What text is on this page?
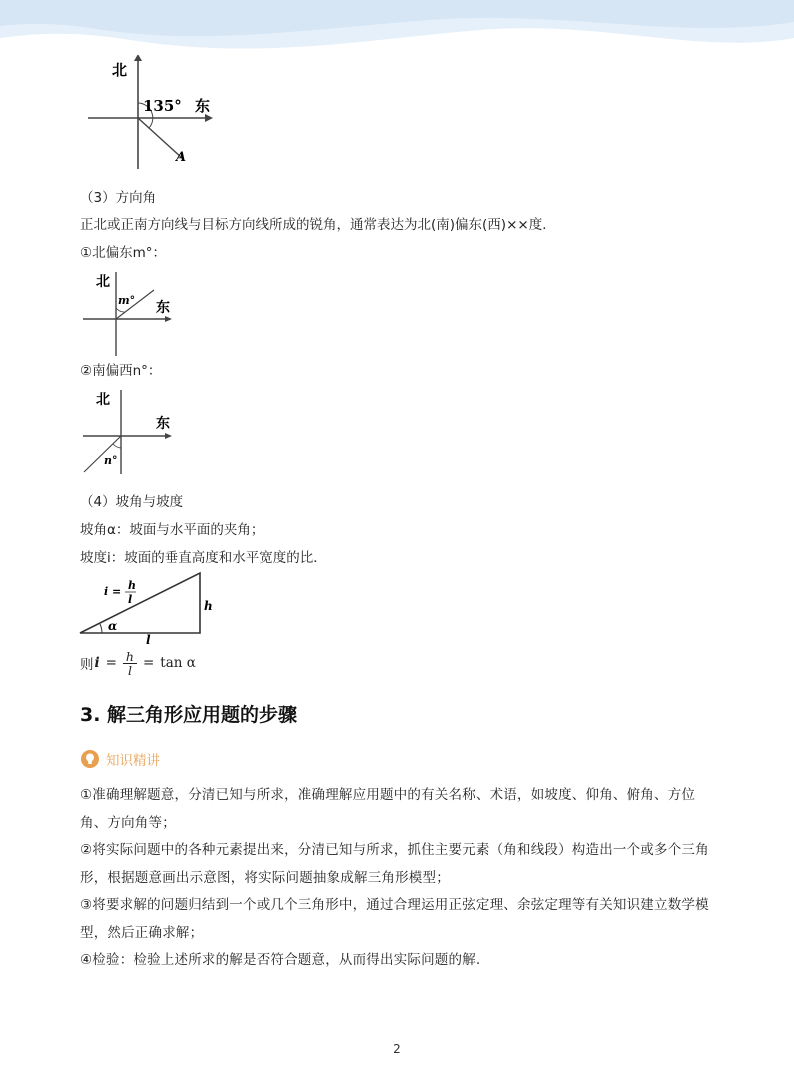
北
135° 东
A
（3）方向角
正北或正南方向线与目标方向线所成的锐角，通常表达为北(南)偏东(西)××度．
①北偏东m°：
北
东
m°
②南偏西n°：
北
东
n°
（4）坡角与坡度
坡角α：坡面与水平面的夹角；
坡度i：坡面的垂直高度和水平宽度的比．
i = h
l	h
l
α
则 i = h
l = tan α
3. 解三角形应用题的步骤
知识精讲
①准确理解题意，分清已知与所求，准确理解应用题中的有关名称、术语，如坡度、仰角、俯角、方位角、方向角等；
②将实际问题中的各种元素提出来，分清已知与所求，抓住主要元素（角和线段）构造出一个或多个三角形，根据题意画出示意图，将实际问题抽象成解三角形模型；
③将要求解的问题归结到一个或几个三角形中，通过合理运用正弦定理、余弦定理等有关知识建立数学模型，然后正确求解；
④检验：检验上述所求的解是否符合题意，从而得出实际问题的解.
2
